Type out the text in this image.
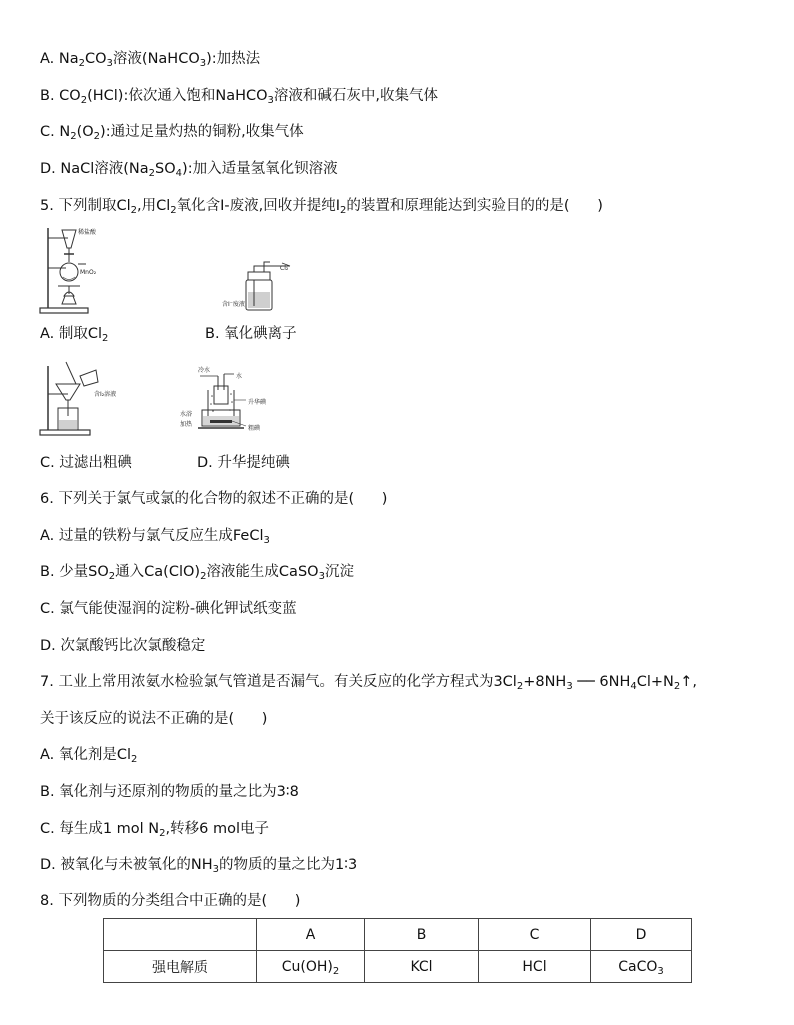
A. $Na_2CO_3$溶液(NaHCO$_3$):加热法
B. $CO_2(HCl)$:依次通入饱和NaHCO$_3$溶液和碱石灰中,收集气体
C. $N_2(O_2)$:通过足量灼热的铜粉,收集气体
D. NaCl溶液$(Na_2SO_4)$:加入适量氢氧化钡溶液
5. 下列制取$Cl_2$,用$Cl_2$氧化含I-废液,回收并提纯$I_2$的装置和原理能达到实验目的的是(      )
稀盐酸
MnO₂
Cl₂
含I⁻废液
A. 制取$Cl_2$	B. 氧化碘离子
含I₂溶液
冷水
水
升华碘
水浴
加热
粗碘
C. 过滤出粗碘	D. 升华提纯碘
6. 下列关于氯气或氯的化合物的叙述不正确的是(      )
A. 过量的铁粉与氯气反应生成FeCl$_3$
B. 少量$SO_2$通入$Ca(ClO)_2$溶液能生成CaSO$_3$沉淀
C. 氯气能使湿润的淀粉-碘化钾试纸变蓝
D. 次氯酸钙比次氯酸稳定
7. 工业上常用浓氨水检验氯气管道是否漏气。有关反应的化学方程式为$3Cl_2+8NH_3$ ── $6NH_4Cl+N_2↑$,
关于该反应的说法不正确的是(      )
A. 氧化剂是$Cl_2$
B. 氧化剂与还原剂的物质的量之比为3∶8
C. 每生成1 mol $N_2$,转移6 mol电子
D. 被氧化与未被氧化的$NH_3$的物质的量之比为1∶3
8. 下列物质的分类组合中正确的是(      )
	A	B	C	D
强电解质	$Cu(OH)_2$	KCl	HCl	CaCO$_3$
